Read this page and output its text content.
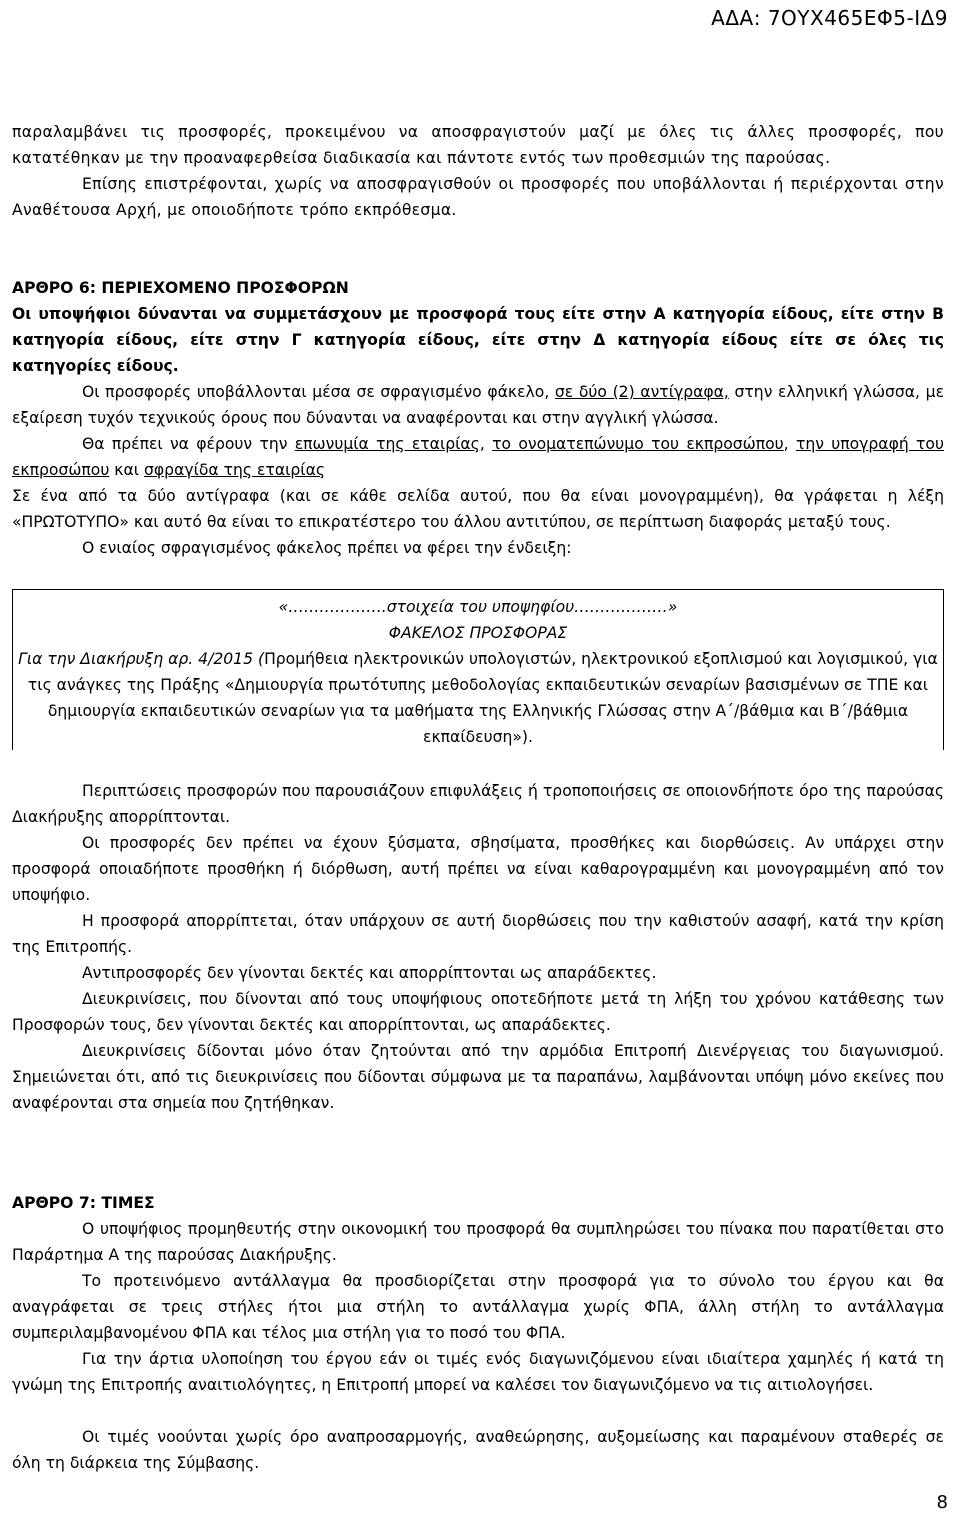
ΑΔΑ: 7ΟΥΧ465ΕΦ5-ΙΔ9

παραλαμβάνει τις προσφορές, προκειμένου να αποσφραγιστούν μαζί με όλες τις άλλες προσφορές, που κατατέθηκαν με την προαναφερθείσα διαδικασία και πάντοτε εντός των προθεσμιών της παρούσας.

Επίσης επιστρέφονται, χωρίς να αποσφραγισθούν οι προσφορές που υποβάλλονται ή περιέρχονται στην Αναθέτουσα Αρχή, με οποιοδήποτε τρόπο εκπρόθεσμα.

ΑΡΘΡΟ 6: ΠΕΡΙΕΧΟΜΕΝΟ ΠΡΟΣΦΟΡΩΝ

Οι υποψήφιοι δύνανται να συμμετάσχουν με προσφορά τους είτε στην Α κατηγορία είδους, είτε στην Β κατηγορία είδους, είτε στην Γ κατηγορία είδους, είτε στην Δ κατηγορία είδους είτε σε όλες τις κατηγορίες είδους.

Οι προσφορές υποβάλλονται μέσα σε σφραγισμένο φάκελο, σε δύο (2) αντίγραφα, στην ελληνική γλώσσα, με εξαίρεση τυχόν τεχνικούς όρους που δύνανται να αναφέρονται και στην αγγλική γλώσσα.

Θα πρέπει να φέρουν την επωνυμία της εταιρίας, το ονοματεπώνυμο του εκπροσώπου, την υπογραφή του εκπροσώπου και σφραγίδα της εταιρίας

Σε ένα από τα δύο αντίγραφα (και σε κάθε σελίδα αυτού, που θα είναι μονογραμμένη), θα γράφεται η λέξη «ΠΡΩΤΟΤΥΠΟ» και αυτό θα είναι το επικρατέστερο του άλλου αντιτύπου, σε περίπτωση διαφοράς μεταξύ τους.

Ο ενιαίος σφραγισμένος φάκελος πρέπει να φέρει την ένδειξη:

«……………….στοιχεία του υποψηφίου………………»

ΦΑΚΕΛΟΣ ΠΡΟΣΦΟΡΑΣ

Για την Διακήρυξη αρ. 4/2015 (Προμήθεια ηλεκτρονικών υπολογιστών, ηλεκτρονικού εξοπλισμού και λογισμικού, για τις ανάγκες της Πράξης «Δημιουργία πρωτότυπης μεθοδολογίας εκπαιδευτικών σεναρίων βασισμένων σε ΤΠΕ και δημιουργία εκπαιδευτικών σεναρίων για τα μαθήματα της Ελληνικής Γλώσσας στην Α΄/βάθμια και Β΄/βάθμια εκπαίδευση»).

Περιπτώσεις προσφορών που παρουσιάζουν επιφυλάξεις ή τροποποιήσεις σε οποιονδήποτε όρο της παρούσας Διακήρυξης απορρίπτονται.

Οι προσφορές δεν πρέπει να έχουν ξύσματα, σβησίματα, προσθήκες και διορθώσεις. Αν υπάρχει στην προσφορά οποιαδήποτε προσθήκη ή διόρθωση, αυτή πρέπει να είναι καθαρογραμμένη και μονογραμμένη από τον υποψήφιο.

Η προσφορά απορρίπτεται, όταν υπάρχουν σε αυτή διορθώσεις που την καθιστούν ασαφή, κατά την κρίση της Επιτροπής.

Αντιπροσφορές δεν γίνονται δεκτές και απορρίπτονται ως απαράδεκτες.

Διευκρινίσεις, που δίνονται από τους υποψήφιους οποτεδήποτε μετά τη λήξη του χρόνου κατάθεσης των Προσφορών τους, δεν γίνονται δεκτές και απορρίπτονται, ως απαράδεκτες.

Διευκρινίσεις δίδονται μόνο όταν ζητούνται από την αρμόδια Επιτροπή Διενέργειας του διαγωνισμού. Σημειώνεται ότι, από τις διευκρινίσεις που δίδονται σύμφωνα με τα παραπάνω, λαμβάνονται υπόψη μόνο εκείνες που αναφέρονται στα σημεία που ζητήθηκαν.

ΑΡΘΡΟ 7: ΤΙΜΕΣ

Ο υποψήφιος προμηθευτής στην οικονομική του προσφορά θα συμπληρώσει του πίνακα που παρατίθεται στο Παράρτημα Α της παρούσας Διακήρυξης.

Το προτεινόμενο αντάλλαγμα θα προσδιορίζεται στην προσφορά για το σύνολο του έργου και θα αναγράφεται σε τρεις στήλες ήτοι μια στήλη το αντάλλαγμα χωρίς ΦΠΑ, άλλη στήλη το αντάλλαγμα συμπεριλαμβανομένου ΦΠΑ και τέλος μια στήλη για το ποσό του ΦΠΑ.

Για την άρτια υλοποίηση του έργου εάν οι τιμές ενός διαγωνιζόμενου είναι ιδιαίτερα χαμηλές ή κατά τη γνώμη της Επιτροπής αναιτιολόγητες, η Επιτροπή μπορεί να καλέσει τον διαγωνιζόμενο να τις αιτιολογήσει.

Οι τιμές νοούνται χωρίς όρο αναπροσαρμογής, αναθεώρησης, αυξομείωσης και παραμένουν σταθερές σε όλη τη διάρκεια της Σύμβασης.

8
